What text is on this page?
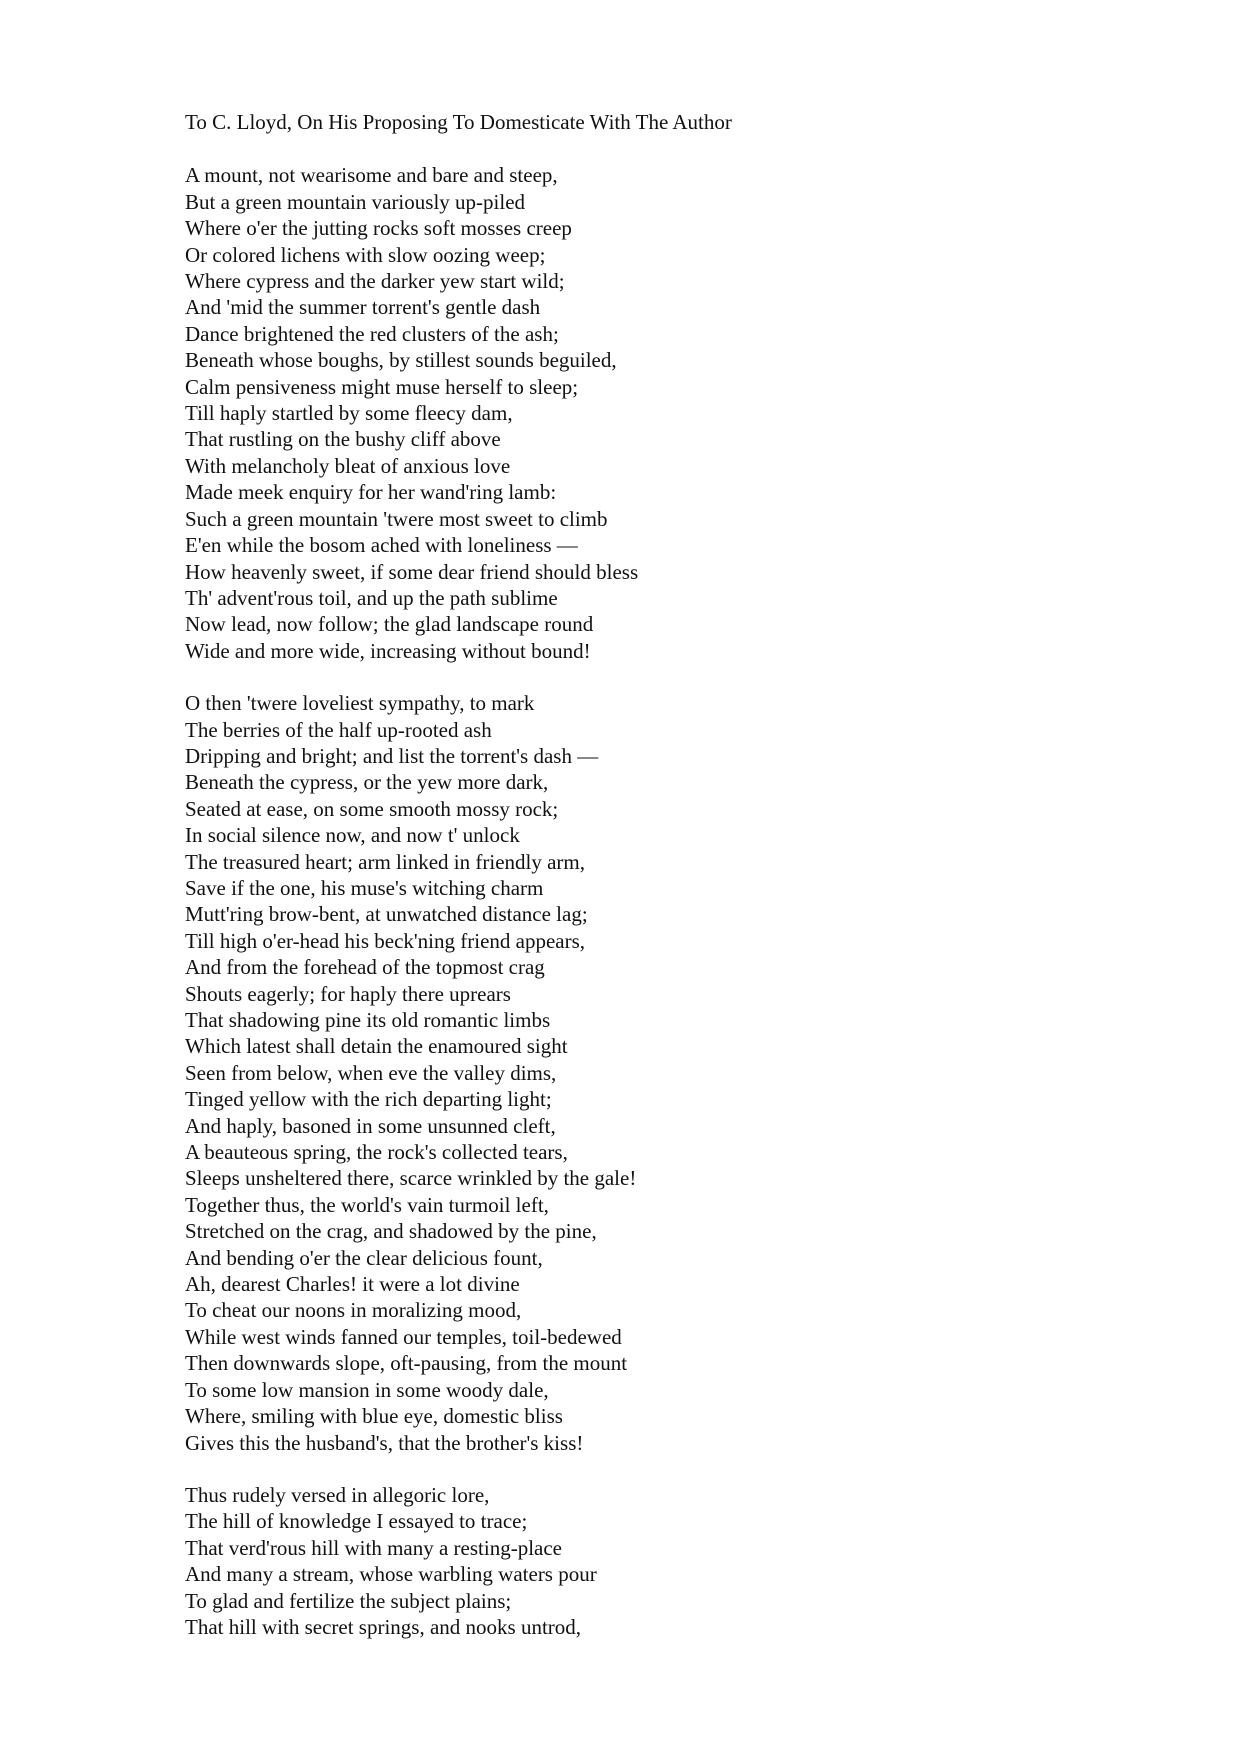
To C. Lloyd, On His Proposing To Domesticate With The Author
A mount, not wearisome and bare and steep,
But a green mountain variously up-piled
Where o'er the jutting rocks soft mosses creep
Or colored lichens with slow oozing weep;
Where cypress and the darker yew start wild;
And 'mid the summer torrent's gentle dash
Dance brightened the red clusters of the ash;
Beneath whose boughs, by stillest sounds beguiled,
Calm pensiveness might muse herself to sleep;
Till haply startled by some fleecy dam,
That rustling on the bushy cliff above
With melancholy bleat of anxious love
Made meek enquiry for her wand'ring lamb:
Such a green mountain 'twere most sweet to climb
E'en while the bosom ached with loneliness —
How heavenly sweet, if some dear friend should bless
Th' advent'rous toil, and up the path sublime
Now lead, now follow; the glad landscape round
Wide and more wide, increasing without bound!
O then 'twere loveliest sympathy, to mark
The berries of the half up-rooted ash
Dripping and bright; and list the torrent's dash —
Beneath the cypress, or the yew more dark,
Seated at ease, on some smooth mossy rock;
In social silence now, and now t' unlock
The treasured heart; arm linked in friendly arm,
Save if the one, his muse's witching charm
Mutt'ring brow-bent, at unwatched distance lag;
Till high o'er-head his beck'ning friend appears,
And from the forehead of the topmost crag
Shouts eagerly; for haply there uprears
That shadowing pine its old romantic limbs
Which latest shall detain the enamoured sight
Seen from below, when eve the valley dims,
Tinged yellow with the rich departing light;
And haply, basoned in some unsunned cleft,
A beauteous spring, the rock's collected tears,
Sleeps unsheltered there, scarce wrinkled by the gale!
Together thus, the world's vain turmoil left,
Stretched on the crag, and shadowed by the pine,
And bending o'er the clear delicious fount,
Ah, dearest Charles! it were a lot divine
To cheat our noons in moralizing mood,
While west winds fanned our temples, toil-bedewed
Then downwards slope, oft-pausing, from the mount
To some low mansion in some woody dale,
Where, smiling with blue eye, domestic bliss
Gives this the husband's, that the brother's kiss!
Thus rudely versed in allegoric lore,
The hill of knowledge I essayed to trace;
That verd'rous hill with many a resting-place
And many a stream, whose warbling waters pour
To glad and fertilize the subject plains;
That hill with secret springs, and nooks untrod,
